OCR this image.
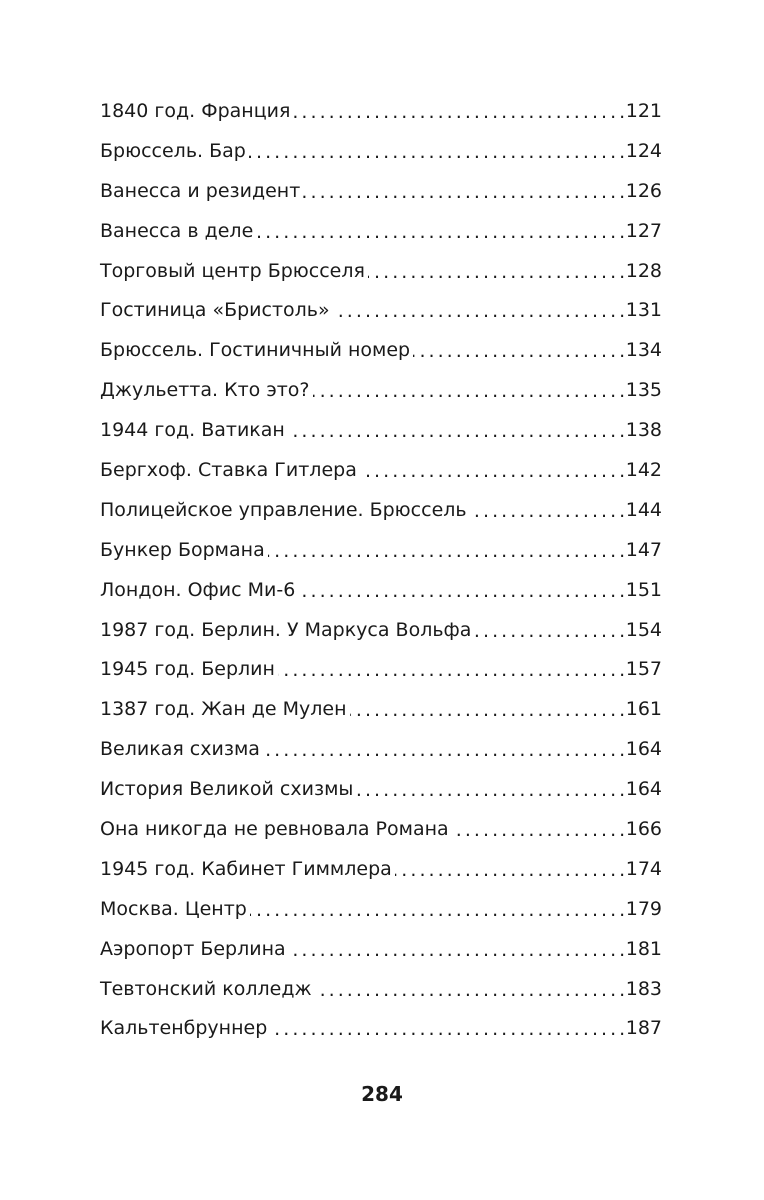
1840 год. Франция . . .	121
Брюссель. Бар . . .	124
Ванесса и резидент . . .	126
Ванесса в деле . . .	127
Торговый центр Брюсселя . . .	128
Гостиница «Бристоль» . . .	131
Брюссель. Гостиничный номер . . .	134
Джульетта. Кто это? . . .	135
1944 год. Ватикан . . .	138
Бергхоф. Ставка Гитлера . . .	142
Полицейское управление. Брюссель . . .	144
Бункер Бормана . . .	147
Лондон. Офис Ми-6 . . .	151
1987 год. Берлин. У Маркуса Вольфа . . .	154
1945 год. Берлин . . .	157
1387 год. Жан де Мулен . . .	161
Великая схизма . . .	164
История Великой схизмы . . .	164
Она никогда не ревновала Романа . . .	166
1945 год. Кабинет Гиммлера . . .	174
Москва. Центр . . .	179
Аэропорт Берлина . . .	181
Тевтонский колледж . . .	183
Кальтенбруннер . . .	187
284
